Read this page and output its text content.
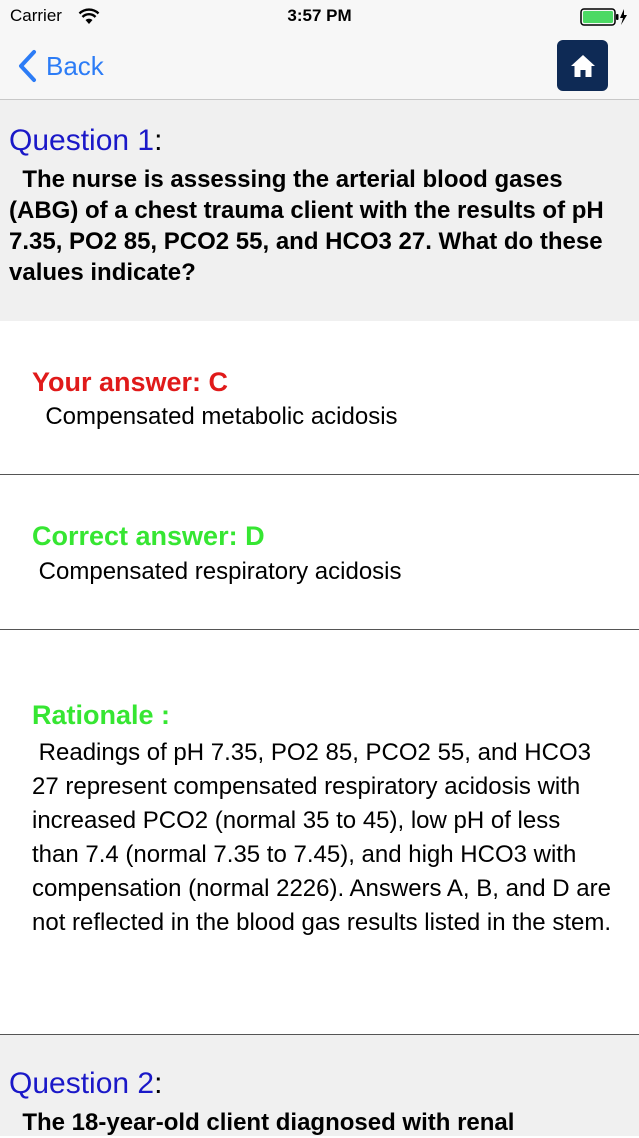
Carrier	3:57 PM
Back
Question 1:
The nurse is assessing the arterial blood gases (ABG) of a chest trauma client with the results of pH 7.35, PO2 85, PCO2 55, and HCO3 27. What do these values indicate?
Your answer: C
Compensated metabolic acidosis
Correct answer: D
Compensated respiratory acidosis
Rationale :
Readings of pH 7.35, PO2 85, PCO2 55, and HCO3 27 represent compensated respiratory acidosis with increased PCO2 (normal 35 to 45), low pH of less than 7.4 (normal 7.35 to 7.45), and high HCO3 with compensation (normal 2226). Answers A, B, and D are not reflected in the blood gas results listed in the stem.
Question 2:
The 18-year-old client diagnosed with renal
